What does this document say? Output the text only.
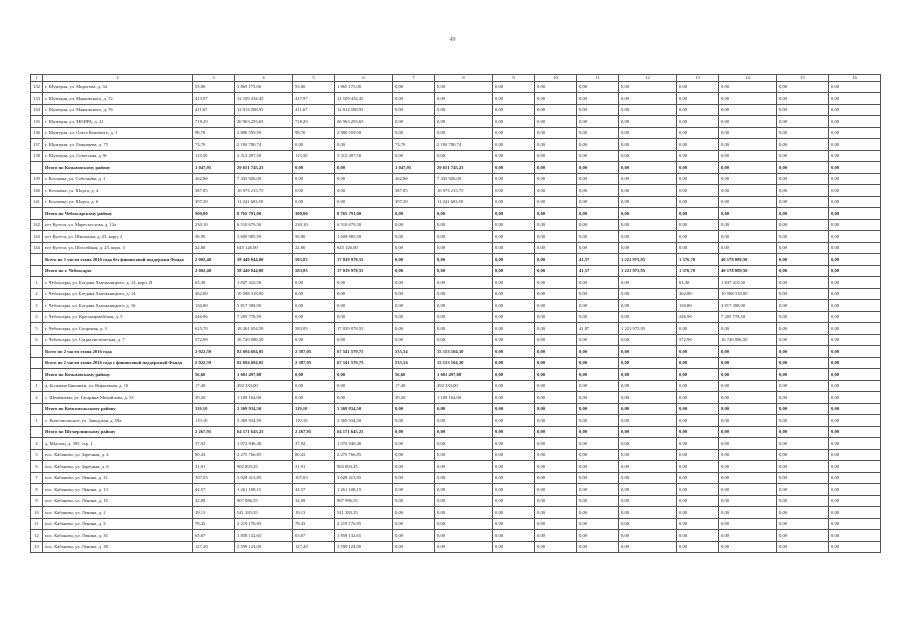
49
1	2	3	4	5	6	7	8	9	10	11	12	13	14	15	16
132	г. Шумерля, ул. Мирогова, д. 34	55,00	1 865 175,00	55,00	1 865 175,00	0,00	0,00	0,00	0,00	0,00	0,00	0,00	0,00	0,00	0,00
133	г. Шумерля, ул. Маяковского, д. 72	413,97	12 109 434,45	417,97	12 109 434,45	0,00	0,00	0,00	0,00	0,00	0,00	0,00	0,00	0,00	0,00
134	г. Шумерля, ул. Маяковского, д. 76	411,67	12 014 588,95	411,67	12 014 588,95	0,00	0,00	0,00	0,00	0,00	0,00	0,00	0,00	0,00	0,00
135	г. Шумерля, ул. МОПРА, д. 21	718,29	20 963 293,65	718,29	20 963 293,65	0,00	0,00	0,00	0,00	0,00	0,00	0,00	0,00	0,00	0,00
136	г. Шумерля, ул. Олега Кошевого, д. 1	98,70	2 880 559,50	98,70	2 880 559,50	0,00	0,00	0,00	0,00	0,00	0,00	0,00	0,00	0,00	0,00
137	г. Шумерля, ул. Ращищева, д. 75	73,70	2 100 780,74	0,00	0,00	73,70	2 100 780,74	0,00	0,00	0,00	0,00	0,00	0,00	0,00	0,00
138	г. Шумерля, ул. Советская, д. 9г	113,50	3 312 497,50	113,50	3 312 497,50	0,00	0,00	0,00	0,00	0,00	0,00	0,00	0,00	0,00	0,00
	Итого по Козьмовскому району	1 047,95	29 651 745,25	0,00	0,00	1 047,95	29 651 745,25	0,00	0,00	0,00	0,00	0,00	0,00	0,00	0,00
139	г. Козловка, ул. Собольева, д. 1	262,80	7 435 926,00	0,00	0,00	262,80	7 435 926,00	0,00	0,00	0,00	0,00	0,00	0,00	0,00	0,00
140	г. Козловка, ул. Шорса, д. 4	387,85	10 974 215,75	0,00	0,00	387,85	10 974 215,75	0,00	0,00	0,00	0,00	0,00	0,00	0,00	0,00
141	г. Козловка, ул. Шорса, д. 6	397,30	11 241 603,50	0,00	0,00	397,30	11 241 603,50	0,00	0,00	0,00	0,00	0,00	0,00	0,00	0,00
	Итого по Чебоксарскому району	309,80	8 765 791,00	309,80	8 765 791,00	0,00	0,00	0,00	0,00	0,00	0,00	0,00	0,00	0,00	0,00
142	пгт Кугеси, ул. Маресьеслова, д. 12а	230,10	6 510 679,50	230,10	6 510 679,50	0,00	0,00	0,00	0,00	0,00	0,00	0,00	0,00	0,00	0,00
143	пгт Кугеси, ул. Школьная, д. 25, корп. 2	56,90	1 609 985,50	56,90	1 609 985,50	0,00	0,00	0,00	0,00	0,00	0,00	0,00	0,00	0,00	0,00
144	пгт Кугеси, ул. Шоссейная, д. 25, корп. 3	22,80	645 126,00	22,80	645 126,00	0,00	0,00	0,00	0,00	0,00	0,00	0,00	0,00	0,00	0,00
	Всего по 1 части этапа 2016 года без финансовой поддержки Фонда	2 002,40	58 440 044,00	583,83	17 039 978,55	0,00	0,00	0,00	0,00	41,57	1 221 975,95	1 376,70	40 178 089,50	0,00	0,00
	Итого по г. Чебоксары	2 002,40	58 440 044,00	583,83	17 039 978,55	0,00	0,00	0,00	0,00	41,57	1 221 975,95	1 376,70	40 178 089,50	0,00	0,00
1	г. Чебоксары, ул. Богдана Хмельницкого, д. 12, корп. В	63,30	1 847 410,50	0,00	0,00	0,00	0,00	0,00	0,00	0,00	0,00	63,30	1 847 410,50	0,00	0,00
2	г. Чебоксары, ул. Богдана Хмельницкого, д. 14	362,80	10 588 318,00	0,00	0,00	0,00	0,00	0,00	0,00	0,00	0,00	362,80	10 588 318,00	0,00	0,00
3	г. Чебоксары, ул. Богдана Хмельницкого, д. 16	130,80	3 817 398,00	0,00	0,00	0,00	0,00	0,00	0,00	0,00	0,00	130,80	3 817 398,00	0,00	0,00
4	г. Чебоксары, ул. Красноармейская, д. 5	246,96	7 205 778,50	0,00	0,00	0,00	0,00	0,00	0,00	0,00	0,00	246,90	7 205 778,50	0,00	0,00
5	г. Чебоксары, ул. Спортная, д. 3	625,70	18 261 054,50	583,83	17 039 078,55	0,00	0,00	0,00	0,00	41,87	1 221 975,95	0,00	0,00	0,00	0,00
6	г. Чебоксары, ул. Социалистическая, д. 7	572,90	16 720 086,50	0,00	0,00	0,00	0,00	0,00	0,00	0,00	0,00	572,90	16 720 086,50	0,00	0,00
	Всего по 2 части этапа 2016 года	2 922,59	82 694 684,05	2 387,05	67 541 579,75	535,54	15 153 104,30	0,00	0,00	0,00	0,00	0,00	0,00	0,00	0,00
	Всего по 2 части этапа 2016 года с финансовой поддержкой Фонда	2 922,59	82 694 684,05	2 387,05	67 541 579,75	535,54	15 153 104,30	0,00	0,00	0,00	0,00	0,00	0,00	0,00	0,00
	Итого по Козьмовскому району	56,60	1 601 497,00	0,00	0,00	56,60	1 601 497,00	0,00	0,00	0,00	0,00	0,00	0,00	0,00	0,00
1	д. Большие Бикшихи, ул. Кирпичная, д. 10	17,40	492 333,00	0,00	0,00	17,40	492 333,00	0,00	0,00	0,00	0,00	0,00	0,00	0,00	0,00
2	с. Шемёшевы, ул. Гагарина-Михайлова, д. 53	39,20	1 109 164,00	0,00	0,00	39,20	1 109 164,00	0,00	0,00	0,00	0,00	0,00	0,00	0,00	0,00
	Итого по Комсомольскому району	119,10	3 369 934,50	119,10	3 369 934,50	0,00	0,00	0,00	0,00	0,00	0,00	0,00	0,00	0,00	0,00
1	с. Комсомольское, ул. Заводская, д. 59а	119,10	3 369 934,50	119,10	3 369 934,50	0,00	0,00	0,00	0,00	0,00	0,00	0,00	0,00	0,00	0,00
	Итого по Шумерлинскому району	2 267,95	64 171 645,25	2 267,95	64 171 645,25	0,00	0,00	0,00	0,00	0,00	0,00	0,00	0,00	0,00	0,00
4	д. Мыслец, д. 395, стр. 1	37,92	1 072 946,40	37,92	1 072 946,40	0,00	0,00	0,00	0,00	0,00	0,00	0,00	0,00	0,00	0,00
5	пос. Кабаново, ул. Заречная, д. 4	80,43	2 275 766,85	80,43	2 275 766,85	0,00	0,00	0,00	0,00	0,00	0,00	0,00	0,00	0,00	0,00
6	пос. Кабаново, ул. Заречная, д. 6	31,91	902 893,45	31,91	902 893,45	0,00	0,00	0,00	0,00	0,00	0,00	0,00	0,00	0,00	0,00
7	пос. Кабаново, ул. Ленина, д. 11	107,03	3 028 413,85	107,03	3 028 413,85	0,00	0,00	0,00	0,00	0,00	0,00	0,00	0,00	0,00	0,00
8	пос. Кабаново, ул. Ленина, д. 13	44,57	1 261 108,15	44,57	1 261 108,15	0,00	0,00	0,00	0,00	0,00	0,00	0,00	0,00	0,00	0,00
9	пос. Кабаново, ул. Ленина, д. 16	32,09	907 986,55	32,09	907 986,55	0,00	0,00	0,00	0,00	0,00	0,00	0,00	0,00	0,00	0,00
10	пос. Кабаново, ул. Ленина, д. 2	19,13	541 283,35	19,13	541 283,35	0,00	0,00	0,00	0,00	0,00	0,00	0,00	0,00	0,00	0,00
11	пос. Кабаново, ул. Ленина, д. 3	78,43	2 219 176,85	78,43	2 219 176,85	0,00	0,00	0,00	0,00	0,00	0,00	0,00	0,00	0,00	0,00
12	пос. Кабаново, ул. Ленина, д. 35	65,67	1 858 132,65	65,67	1 858 132,65	0,00	0,00	0,00	0,00	0,00	0,00	0,00	0,00	0,00	0,00
13	пос. Кабаново, ул. Ленина, д. 38	127,20	3 599 124,00	127,20	3 599 124,00	0,00	0,00	0,00	0,00	0,00	0,00	0,00	0,00	0,00	0,00
